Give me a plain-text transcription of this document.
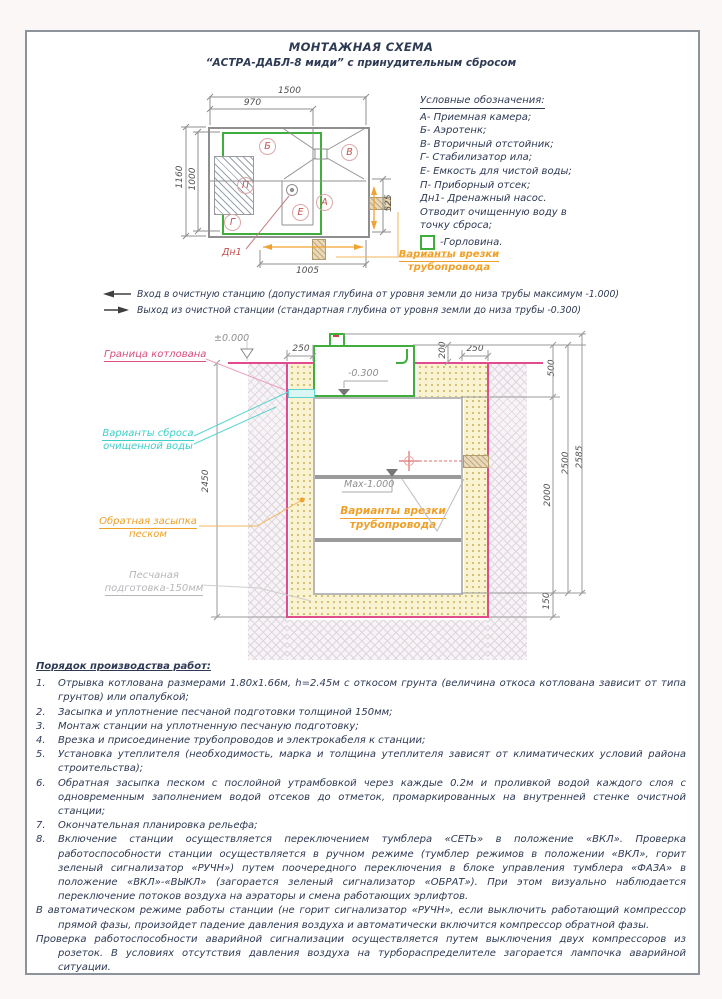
МОНТАЖНАЯ СХЕМА
“АСТРА-ДАБЛ-8 миди” с принудительным сбросом
Б
В
П
Г
Е
А
Дн1
1500
970
1160 1000
525
1005
Условные обозначения:
А- Приемная камера;
Б- Аэротенк;
В- Вторичный отстойник;
Г- Стабилизатор ила;
Е- Емкость для чистой воды;
П- Приборный отсек;
Дн1- Дренажный насос.
Отводит очищенную воду в
точку сброса;
-Горловина.
Варианты врезки
трубопровода
Вход в очистную станцию (допустимая глубина от уровня земли до низа трубы максимум -1.000)
Выход из очистной станции (стандартная глубина от уровня земли до низа трубы -0.300)
Граница котлована
Варианты сброса
очищенной воды
Обратная засыпка
песком
Песчаная
подготовка-150мм
Варианты врезки
трубопровода
±0.000
-0.300
Max-1.000
2450
250	200	250
500
2000
2500 2585
150
Порядок производства работ:
1.	Отрывка котлована размерами 1.80х1.66м, h=2.45м с откосом грунта (величина откоса котлована зависит от типа грунтов) или опалубкой;
2.	Засыпка и уплотнение песчаной подготовки толщиной 150мм;
3.	Монтаж станции на уплотненную песчаную подготовку;
4.	Врезка и присоединение трубопроводов и электрокабеля к станции;
5.	Установка утеплителя (необходимость, марка и толщина утеплителя зависят от климатических условий района строительства);
6.	Обратная засыпка песком с послойной утрамбовкой через каждые 0.2м и проливкой водой каждого слоя с одновременным заполнением водой отсеков до отметок, промаркированных на внутренней стенке очистной станции;
7.	Окончательная планировка рельефа;
8.	Включение станции осуществляется переключением тумблера «СЕТЬ» в положение «ВКЛ». Проверка работоспособности станции осуществляется в ручном режиме (тумблер режимов в положении «ВКЛ», горит зеленый сигнализатор «РУЧН») путем поочередного переключения в блоке управления тумблера «ФАЗА» в положение «ВКЛ»-«ВЫКЛ» (загорается зеленый сигнализатор «ОБРАТ»). При этом визуально наблюдается переключение потоков воздуха на аэраторы и смена работающих эрлифтов.
В автоматическом режиме работы станции (не горит сигнализатор «РУЧН», если выключить работающий компрессор прямой фазы, произойдет падение давления воздуха и автоматически включится компрессор обратной фазы.
Проверка работоспособности аварийной сигнализации осуществляется путем выключения двух компрессоров из розеток. В условиях отсутствия давления воздуха на турбораспределителе загорается лампочка аварийной ситуации.
